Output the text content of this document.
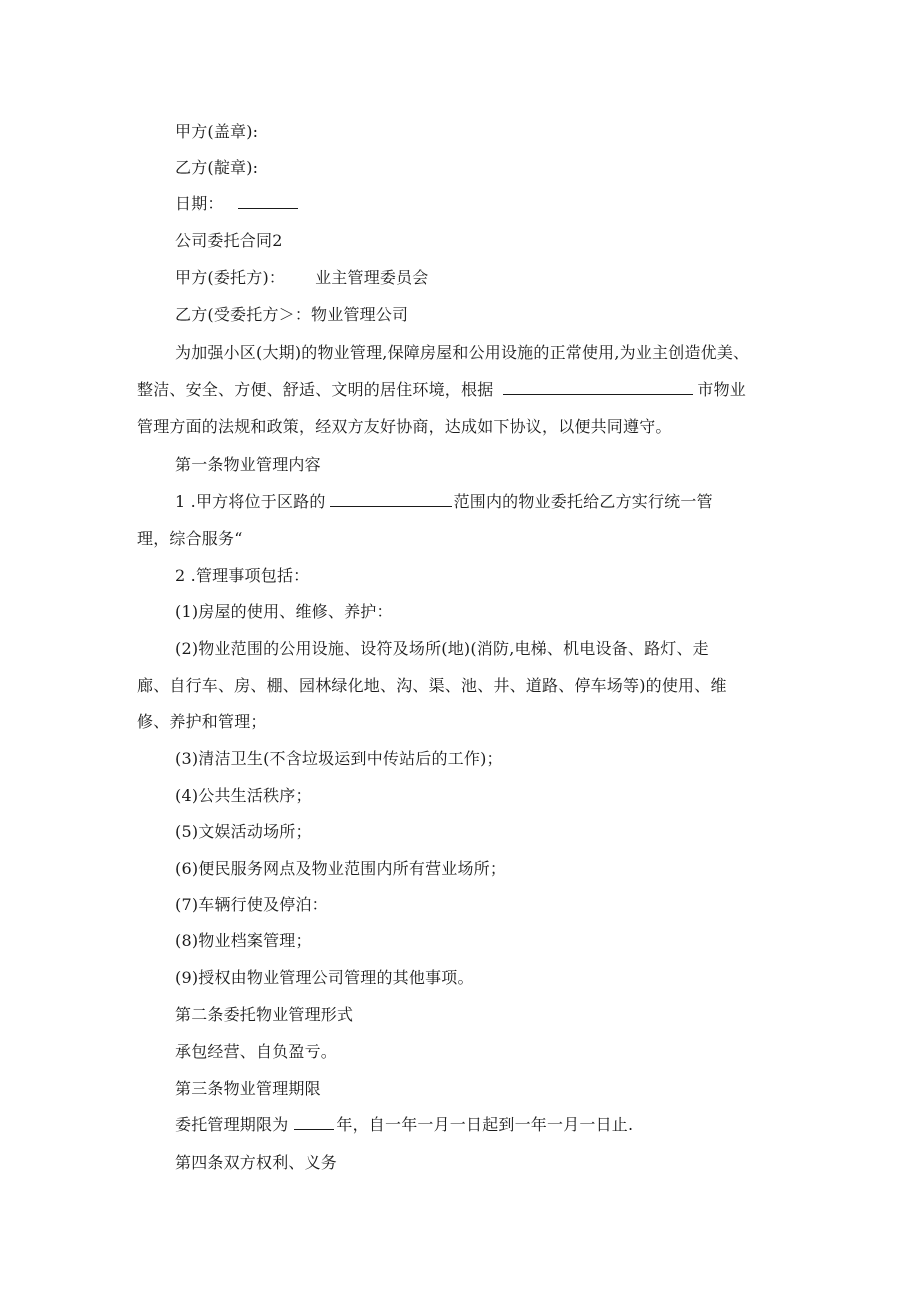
甲方(盖章):
乙方(靛章):
日期：
公司委托合同2
甲方(委托方)： 业主管理委员会
乙方(受委托方＞：物业管理公司
为加强小区(大期)的物业管理,保障房屋和公用设施的正常使用,为业主创造优美、
整洁、安全、方便、舒适、文明的居住环境，根据	市物业
管理方面的法规和政策，经双方友好协商，达成如下协议，以便共同遵守。
第一条物业管理内容
1 .甲方将位于区路的	范围内的物业委托给乙方实行统一管
理，综合服务“
2 .管理事项包括：
(1)房屋的使用、维修、养护：
(2)物业范围的公用设施、设符及场所(地)(消防,电梯、机电设备、路灯、走
廊、自行车、房、棚、园林绿化地、沟、渠、池、井、道路、停车场等)的使用、维
修、养护和管理；
(3)清洁卫生(不含垃圾运到中传站后的工作)；
(4)公共生活秩序；
(5)文娱活动场所；
(6)便民服务网点及物业范围内所有营业场所；
(7)车辆行使及停泊：
(8)物业档案管理；
(9)授权由物业管理公司管理的其他事项。
第二条委托物业管理形式
承包经营、自负盈亏。
第三条物业管理期限
委托管理期限为	年，自一年一月一日起到一年一月一日止.
第四条双方权利、义务
